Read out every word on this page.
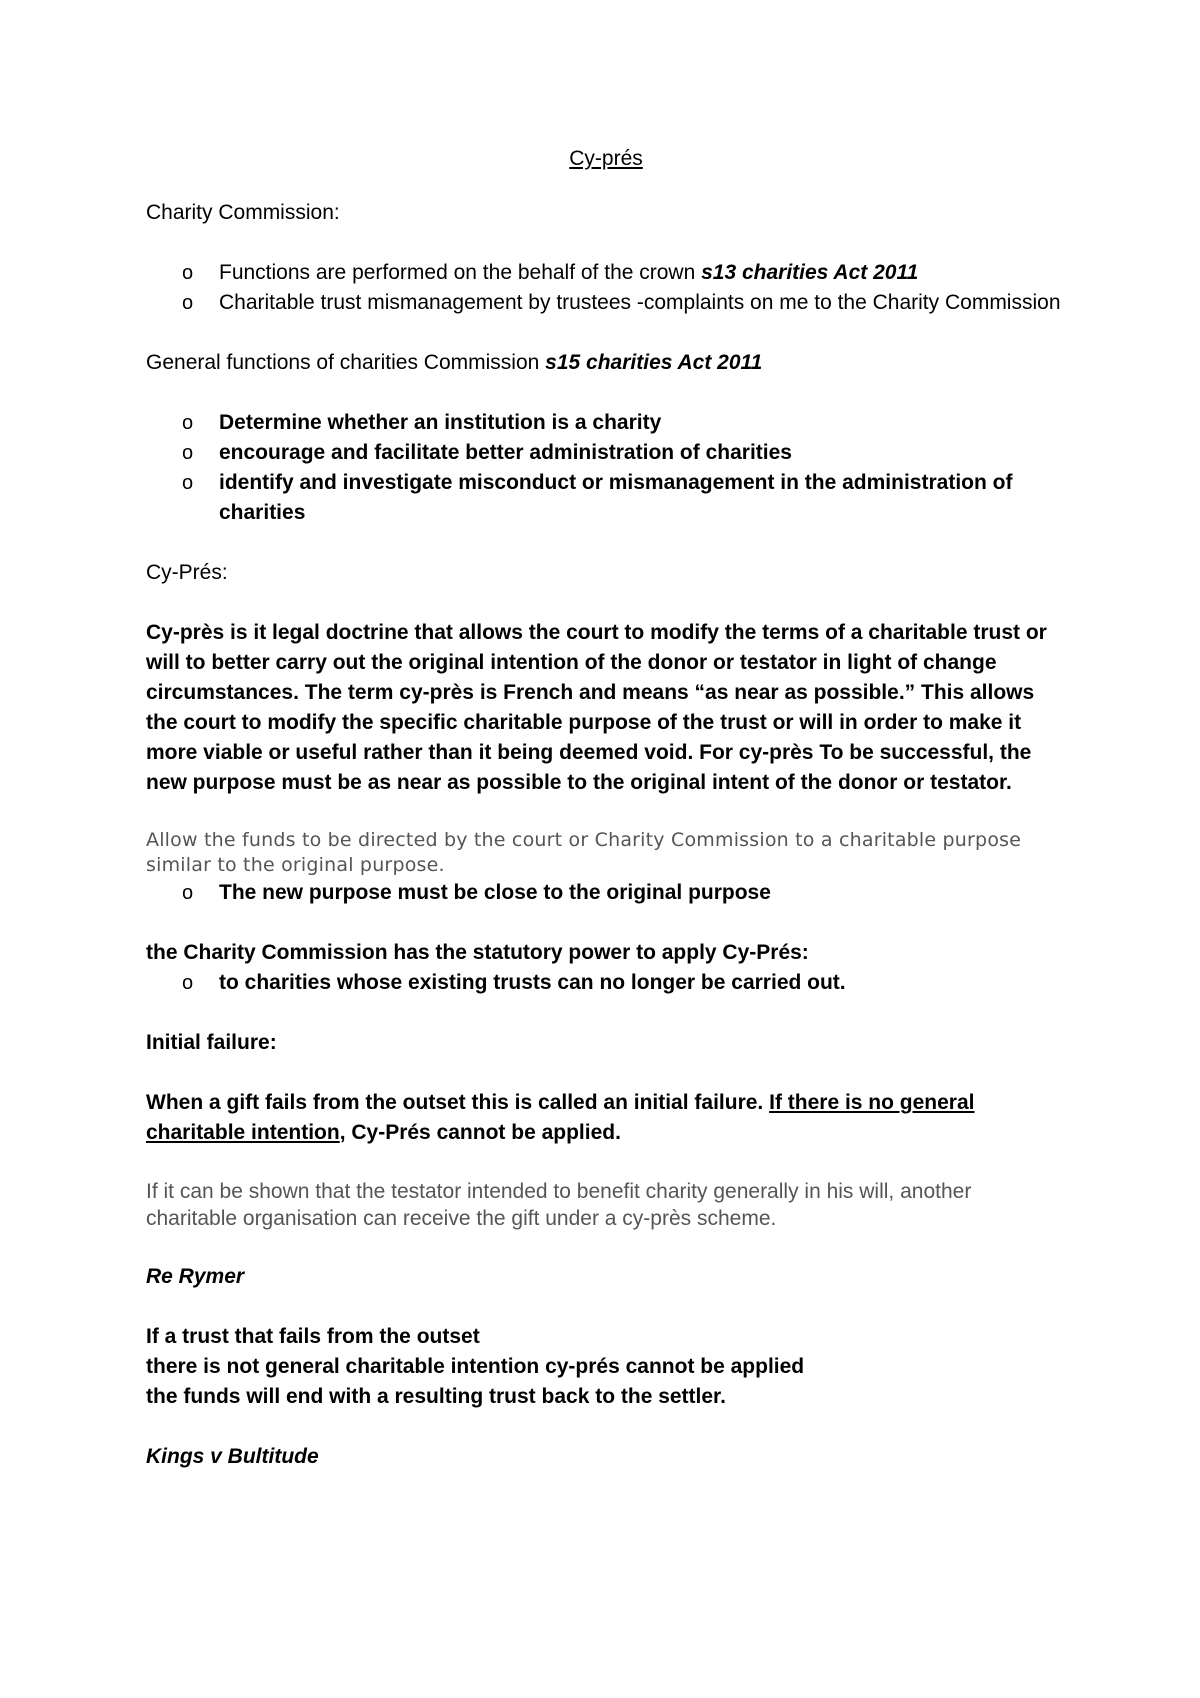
Cy-prés

Charity Commission:

o Functions are performed on the behalf of the crown s13 charities Act 2011
o Charitable trust mismanagement by trustees -complaints on me to the Charity Commission

General functions of charities Commission s15 charities Act 2011

o Determine whether an institution is a charity
o encourage and facilitate better administration of charities
o identify and investigate misconduct or mismanagement in the administration of charities

Cy-Prés:

Cy-près is it legal doctrine that allows the court to modify the terms of a charitable trust or will to better carry out the original intention of the donor or testator in light of change circumstances. The term cy-près is French and means “as near as possible.” This allows the court to modify the specific charitable purpose of the trust or will in order to make it more viable or useful rather than it being deemed void. For cy-près To be successful, the new purpose must be as near as possible to the original intent of the donor or testator.

Allow the funds to be directed by the court or Charity Commission to a charitable purpose similar to the original purpose.

o The new purpose must be close to the original purpose

the Charity Commission has the statutory power to apply Cy-Prés:

o to charities whose existing trusts can no longer be carried out.

Initial failure:

When a gift fails from the outset this is called an initial failure. If there is no general charitable intention, Cy-Prés cannot be applied.

If it can be shown that the testator intended to benefit charity generally in his will, another charitable organisation can receive the gift under a cy-près scheme.

Re Rymer

If a trust that fails from the outset

there is not general charitable intention cy-prés cannot be applied

the funds will end with a resulting trust back to the settler.

Kings v Bultitude
